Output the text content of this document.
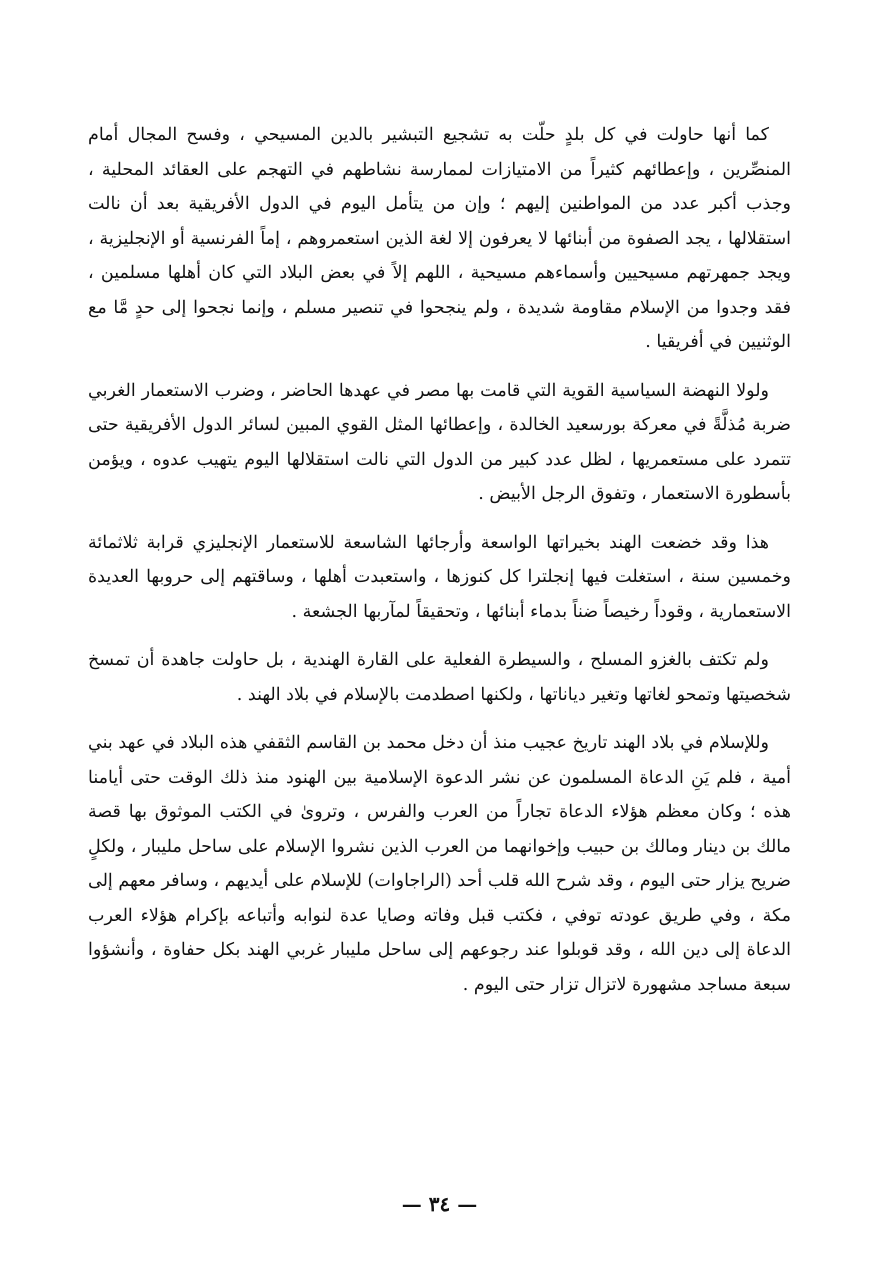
كما أنها حاولت في كل بلدٍ حلّت به تشجيع التبشير بالدين المسيحي ، وفسح المجال أمام المنصِّرين ، وإعطائهم كثيراً من الامتيازات لممارسة نشاطهم في التهجم على العقائد المحلية ، وجذب أكبر عدد من المواطنين إليهم ؛ وإن من يتأمل اليوم في الدول الأفريقية بعد أن نالت استقلالها ، يجد الصفوة من أبنائها لا يعرفون إلا لغة الذين استعمروهم ، إماً الفرنسية أو الإنجليزية ، ويجد جمهرتهم مسيحيين وأسماءهم مسيحية ، اللهم إلاً في بعض البلاد التي كان أهلها مسلمين ، فقد وجدوا من الإسلام مقاومة شديدة ، ولم ينجحوا في تنصير مسلم ، وإنما نجحوا إلى حدٍ مَّا مع الوثنيين في أفريقيا .

ولولا النهضة السياسية القوية التي قامت بها مصر في عهدها الحاضر ، وضرب الاستعمار الغربي ضربة مُذلَّةً في معركة بورسعيد الخالدة ، وإعطائها المثل القوي المبين لسائر الدول الأفريقية حتى تتمرد على مستعمريها ، لظل عدد كبير من الدول التي نالت استقلالها اليوم يتهيب عدوه ، ويؤمن بأسطورة الاستعمار ، وتفوق الرجل الأبيض .

هذا وقد خضعت الهند بخيراتها الواسعة وأرجائها الشاسعة للاستعمار الإنجليزي قرابة ثلاثمائة وخمسين سنة ، استغلت فيها إنجلترا كل كنوزها ، واستعبدت أهلها ، وساقتهم إلى حروبها العديدة الاستعمارية ، وقوداً رخيصاً ضناً بدماء أبنائها ، وتحقيقاً لمآربها الجشعة .

ولم تكتف بالغزو المسلح ، والسيطرة الفعلية على القارة الهندية ، بل حاولت جاهدة أن تمسخ شخصيتها وتمحو لغاتها وتغير دياناتها ، ولكنها اصطدمت بالإسلام في بلاد الهند .

وللإسلام في بلاد الهند تاريخ عجيب منذ أن دخل محمد بن القاسم الثقفي هذه البلاد في عهد بني أمية ، فلم يَنِ الدعاة المسلمون عن نشر الدعوة الإسلامية بين الهنود منذ ذلك الوقت حتى أيامنا هذه ؛ وكان معظم هؤلاء الدعاة تجاراً من العرب والفرس ، وتروىٰ في الكتب الموثوق بها قصة مالك بن دينار ومالك بن حبيب وإخوانهما من العرب الذين نشروا الإسلام على ساحل مليبار ، ولكلٍ ضريح يزار حتى اليوم ، وقد شرح الله قلب أحد (الراجاوات) للإسلام على أيديهم ، وسافر معهم إلى مكة ، وفي طريق عودته توفي ، فكتب قبل وفاته وصايا عدة لنوابه وأتباعه بإكرام هؤلاء العرب الدعاة إلى دين الله ، وقد قوبلوا عند رجوعهم إلى ساحل مليبار غربي الهند بكل حفاوة ، وأنشؤوا سبعة مساجد مشهورة لاتزال تزار حتى اليوم .

— ٣٤ —
